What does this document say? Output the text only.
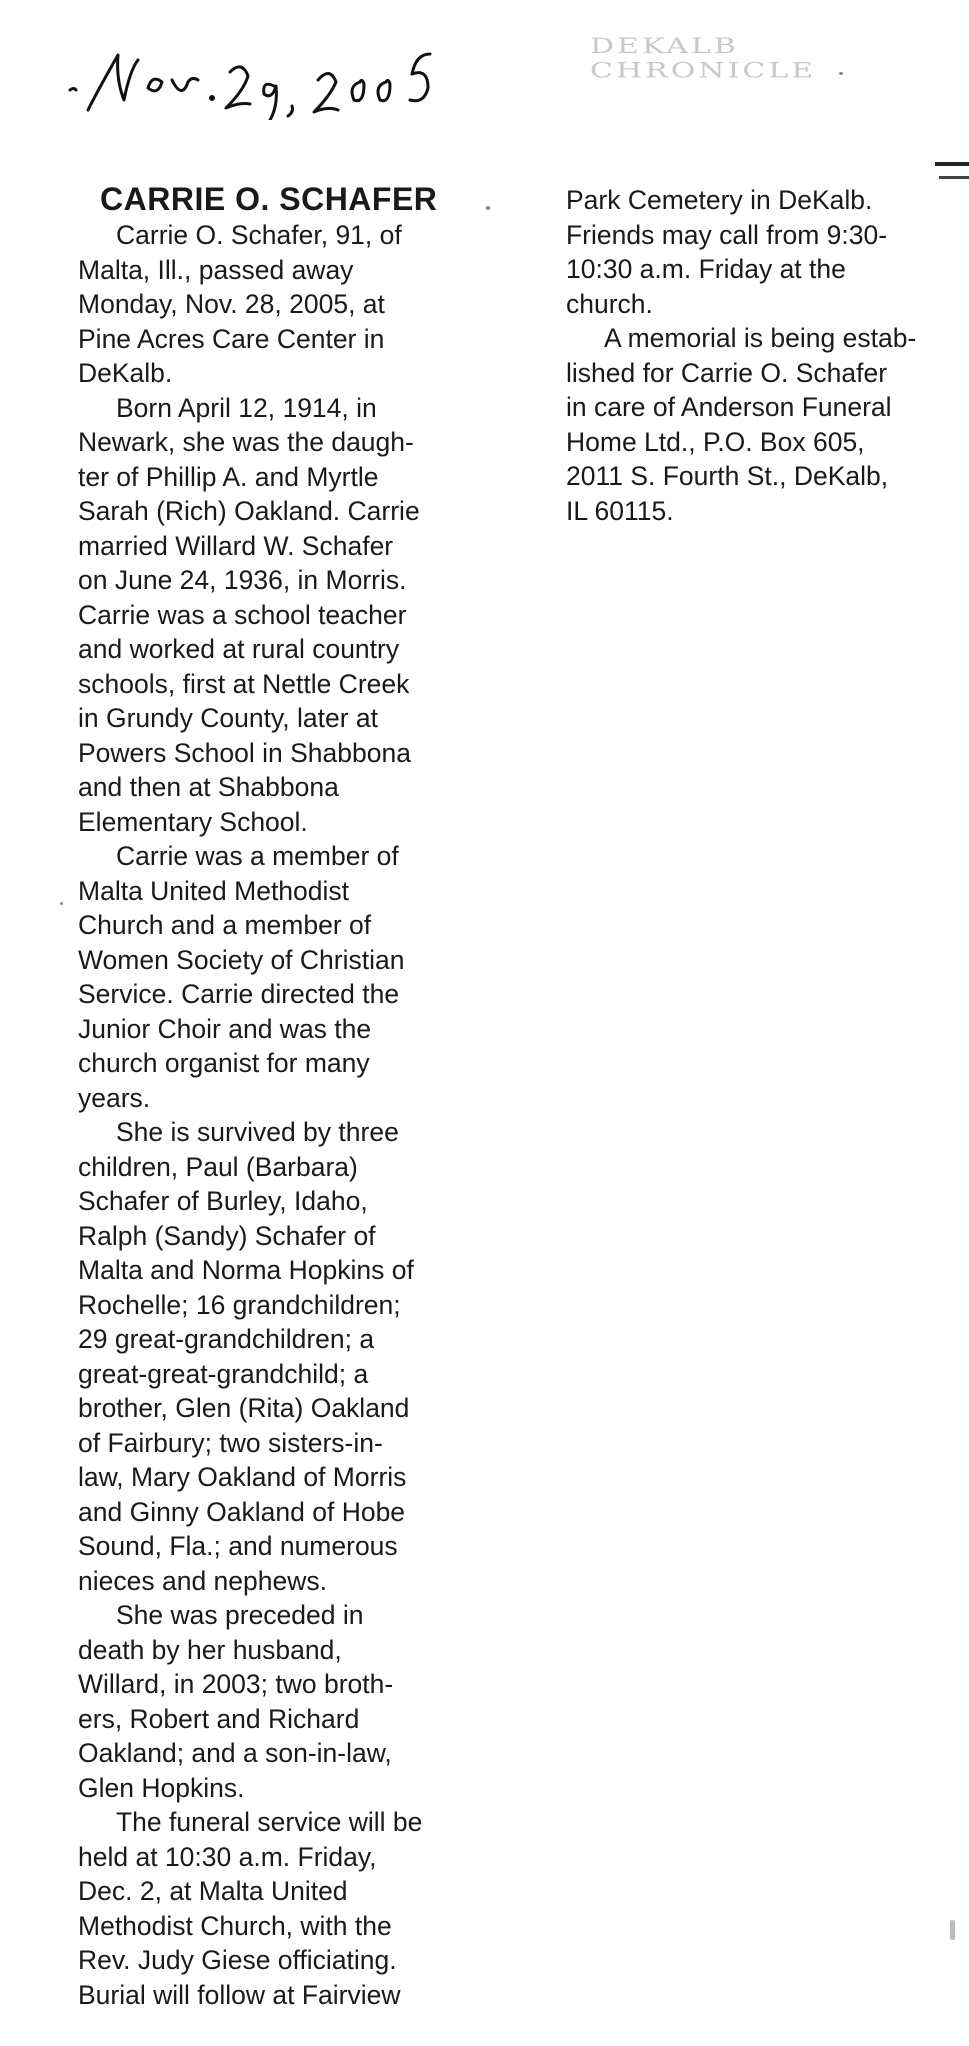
DEKALB CHRONICLE
CARRIE O. SCHAFER
Carrie O. Schafer, 91, of
Malta, Ill., passed away
Monday, Nov. 28, 2005, at
Pine Acres Care Center in
DeKalb.
Born April 12, 1914, in
Newark, she was the daugh-
ter of Phillip A. and Myrtle
Sarah (Rich) Oakland. Carrie
married Willard W. Schafer
on June 24, 1936, in Morris.
Carrie was a school teacher
and worked at rural country
schools, first at Nettle Creek
in Grundy County, later at
Powers School in Shabbona
and then at Shabbona
Elementary School.
Carrie was a member of
Malta United Methodist
Church and a member of
Women Society of Christian
Service. Carrie directed the
Junior Choir and was the
church organist for many
years.
She is survived by three
children, Paul (Barbara)
Schafer of Burley, Idaho,
Ralph (Sandy) Schafer of
Malta and Norma Hopkins of
Rochelle; 16 grandchildren;
29 great-grandchildren; a
great-great-grandchild; a
brother, Glen (Rita) Oakland
of Fairbury; two sisters-in-
law, Mary Oakland of Morris
and Ginny Oakland of Hobe
Sound, Fla.; and numerous
nieces and nephews.
She was preceded in
death by her husband,
Willard, in 2003; two broth-
ers, Robert and Richard
Oakland; and a son-in-law,
Glen Hopkins.
The funeral service will be
held at 10:30 a.m. Friday,
Dec. 2, at Malta United
Methodist Church, with the
Rev. Judy Giese officiating.
Burial will follow at Fairview
Park Cemetery in DeKalb.
Friends may call from 9:30-
10:30 a.m. Friday at the
church.
A memorial is being estab-
lished for Carrie O. Schafer
in care of Anderson Funeral
Home Ltd., P.O. Box 605,
2011 S. Fourth St., DeKalb,
IL 60115.
